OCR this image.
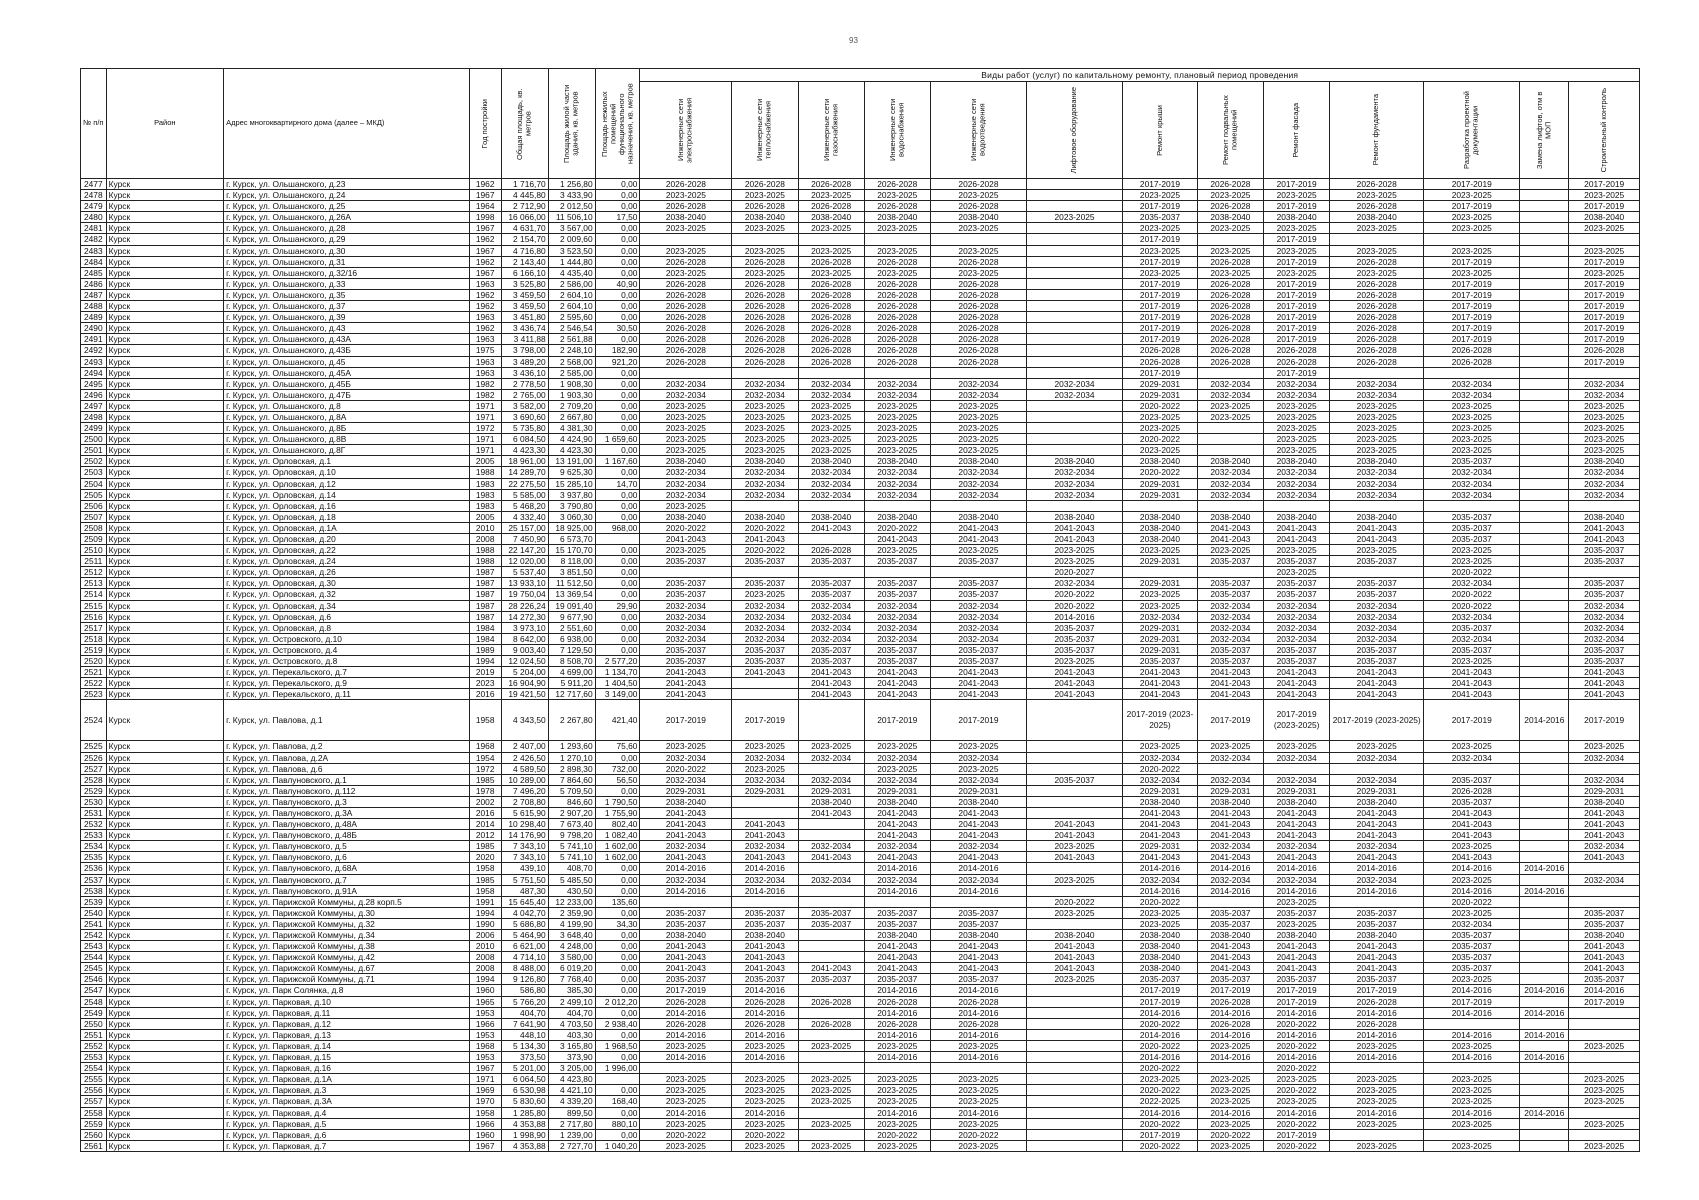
93
№ п/п	Район	Адрес многоквартирного дома (далее – МКД)	Год постройки	Общая площадь, кв. метров	Площадь жилой части здания, кв. метров	Площадь нежилых помещений функционального назначения, кв. метров	Виды работ (услуг) по капитальному ремонту, плановый период проведения												

							Инженерные сети электроснабжения	Инженерные сети теплоснабжения	Инженерные сети газоснабжения	Инженерные сети водоснабжения	Инженерные сети водоотведения	Лифтовое оборудование	Ремонт крыши	Ремонт подвальных помещений	Ремонт фасада	Ремонт фундамента	Разработка проектной документации	Замена лифтов, отм в МОП	Строительный контроль

2477	Курск	г. Курск, ул. Ольшанского, д.23	1962	1 716,70	1 256,80	0,00	2026-2028	2026-2028	2026-2028	2026-2028	2026-2028		2017-2019	2026-2028	2017-2019	2026-2028	2017-2019		2017-2019
2478	Курск	г. Курск, ул. Ольшанского, д.24	1967	4 445,80	3 433,90	0,00	2023-2025	2023-2025	2023-2025	2023-2025	2023-2025		2023-2025	2023-2025	2023-2025	2023-2025	2023-2025		2023-2025
2479	Курск	г. Курск, ул. Ольшанского, д.25	1964	2 712,90	2 012,50	0,00	2026-2028	2026-2028	2026-2028	2026-2028	2026-2028		2017-2019	2026-2028	2017-2019	2026-2028	2017-2019		2017-2019
2480	Курск	г. Курск, ул. Ольшанского, д.26А	1998	16 066,00	11 506,10	17,50	2038-2040	2038-2040	2038-2040	2038-2040	2038-2040	2023-2025	2035-2037	2038-2040	2038-2040	2038-2040	2023-2025		2038-2040
2481	Курск	г. Курск, ул. Ольшанского, д.28	1967	4 631,70	3 567,00	0,00	2023-2025	2023-2025	2023-2025	2023-2025	2023-2025		2023-2025	2023-2025	2023-2025	2023-2025	2023-2025		2023-2025
2482	Курск	г. Курск, ул. Ольшанского, д.29	1962	2 154,70	2 009,60	0,00							2017-2019		2017-2019				
2483	Курск	г. Курск, ул. Ольшанского, д.30	1967	4 716,80	3 523,50	0,00	2023-2025	2023-2025	2023-2025	2023-2025	2023-2025		2023-2025	2023-2025	2023-2025	2023-2025	2023-2025		2023-2025
2484	Курск	г. Курск, ул. Ольшанского, д.31	1962	2 143,40	1 444,80	0,00	2026-2028	2026-2028	2026-2028	2026-2028	2026-2028		2017-2019	2026-2028	2017-2019	2026-2028	2017-2019		2017-2019
2485	Курск	г. Курск, ул. Ольшанского, д.32/16	1967	6 166,10	4 435,40	0,00	2023-2025	2023-2025	2023-2025	2023-2025	2023-2025		2023-2025	2023-2025	2023-2025	2023-2025	2023-2025		2023-2025
2486	Курск	г. Курск, ул. Ольшанского, д.33	1963	3 525,80	2 586,00	40,90	2026-2028	2026-2028	2026-2028	2026-2028	2026-2028		2017-2019	2026-2028	2017-2019	2026-2028	2017-2019		2017-2019
2487	Курск	г. Курск, ул. Ольшанского, д.35	1962	3 459,50	2 604,10	0,00	2026-2028	2026-2028	2026-2028	2026-2028	2026-2028		2017-2019	2026-2028	2017-2019	2026-2028	2017-2019		2017-2019
2488	Курск	г. Курск, ул. Ольшанского, д.37	1962	3 459,50	2 604,10	0,00	2026-2028	2026-2028	2026-2028	2026-2028	2026-2028		2017-2019	2026-2028	2017-2019	2026-2028	2017-2019		2017-2019
2489	Курск	г. Курск, ул. Ольшанского, д.39	1963	3 451,80	2 595,60	0,00	2026-2028	2026-2028	2026-2028	2026-2028	2026-2028		2017-2019	2026-2028	2017-2019	2026-2028	2017-2019		2017-2019
2490	Курск	г. Курск, ул. Ольшанского, д.43	1962	3 436,74	2 546,54	30,50	2026-2028	2026-2028	2026-2028	2026-2028	2026-2028		2017-2019	2026-2028	2017-2019	2026-2028	2017-2019		2017-2019
2491	Курск	г. Курск, ул. Ольшанского, д.43А	1963	3 411,88	2 561,88	0,00	2026-2028	2026-2028	2026-2028	2026-2028	2026-2028		2017-2019	2026-2028	2017-2019	2026-2028	2017-2019		2017-2019
2492	Курск	г. Курск, ул. Ольшанского, д.43Б	1975	3 798,00	2 248,10	182,90	2026-2028	2026-2028	2026-2028	2026-2028	2026-2028		2026-2028	2026-2028	2026-2028	2026-2028	2026-2028		2026-2028
2493	Курск	г. Курск, ул. Ольшанского, д.45	1963	3 489,20	2 568,00	921,20	2026-2028	2026-2028	2026-2028	2026-2028	2026-2028		2026-2028	2026-2028	2026-2028	2026-2028	2026-2028		2017-2019
2494	Курск	г. Курск, ул. Ольшанского, д.45А	1963	3 436,10	2 585,00	0,00							2017-2019		2017-2019				
2495	Курск	г. Курск, ул. Ольшанского, д.45Б	1982	2 778,50	1 908,30	0,00	2032-2034	2032-2034	2032-2034	2032-2034	2032-2034	2032-2034	2029-2031	2032-2034	2032-2034	2032-2034	2032-2034		2032-2034
2496	Курск	г. Курск, ул. Ольшанского, д.47Б	1982	2 765,00	1 903,30	0,00	2032-2034	2032-2034	2032-2034	2032-2034	2032-2034	2032-2034	2029-2031	2032-2034	2032-2034	2032-2034	2032-2034		2032-2034
2497	Курск	г. Курск, ул. Ольшанского, д.8	1971	3 582,00	2 709,20	0,00	2023-2025	2023-2025	2023-2025	2023-2025	2023-2025		2020-2022	2023-2025	2023-2025	2023-2025	2023-2025		2023-2025
2498	Курск	г. Курск, ул. Ольшанского, д.8А	1971	3 690,60	2 667,80	0,00	2023-2025	2023-2025	2023-2025	2023-2025	2023-2025		2023-2025	2023-2025	2023-2025	2023-2025	2023-2025		2023-2025
2499	Курск	г. Курск, ул. Ольшанского, д.8Б	1972	5 735,80	4 381,30	0,00	2023-2025	2023-2025	2023-2025	2023-2025	2023-2025		2023-2025		2023-2025	2023-2025	2023-2025		2023-2025
2500	Курск	г. Курск, ул. Ольшанского, д.8В	1971	6 084,50	4 424,90	1 659,60	2023-2025	2023-2025	2023-2025	2023-2025	2023-2025		2020-2022		2023-2025	2023-2025	2023-2025		2023-2025
2501	Курск	г. Курск, ул. Ольшанского, д.8Г	1971	4 423,30	4 423,30	0,00	2023-2025	2023-2025	2023-2025	2023-2025	2023-2025		2023-2025		2023-2025	2023-2025	2023-2025		2023-2025
2502	Курск	г. Курск, ул. Орловская, д.1	2005	18 961,00	13 191,00	1 167,60	2038-2040	2038-2040	2038-2040	2038-2040	2038-2040	2038-2040	2038-2040	2038-2040	2038-2040	2038-2040	2035-2037		2038-2040
2503	Курск	г. Курск, ул. Орловская, д.10	1988	14 289,70	9 625,30	0,00	2032-2034	2032-2034	2032-2034	2032-2034	2032-2034	2032-2034	2020-2022	2032-2034	2032-2034	2032-2034	2032-2034		2032-2034
2504	Курск	г. Курск, ул. Орловская, д.12	1983	22 275,50	15 285,10	14,70	2032-2034	2032-2034	2032-2034	2032-2034	2032-2034	2032-2034	2029-2031	2032-2034	2032-2034	2032-2034	2032-2034		2032-2034
2505	Курск	г. Курск, ул. Орловская, д.14	1983	5 585,00	3 937,80	0,00	2032-2034	2032-2034	2032-2034	2032-2034	2032-2034	2032-2034	2029-2031	2032-2034	2032-2034	2032-2034	2032-2034		2032-2034
2506	Курск	г. Курск, ул. Орловская, д.16	1983	5 468,20	3 790,80	0,00	2023-2025												
2507	Курск	г. Курск, ул. Орловская, д.18	2005	4 332,40	3 060,30	0,00	2038-2040	2038-2040	2038-2040	2038-2040	2038-2040	2038-2040	2038-2040	2038-2040	2038-2040	2038-2040	2035-2037		2038-2040
2508	Курск	г. Курск, ул. Орловская, д.1А	2010	25 157,00	18 925,00	968,00	2020-2022	2020-2022	2041-2043	2020-2022	2041-2043	2041-2043	2038-2040	2041-2043	2041-2043	2041-2043	2035-2037		2041-2043
2509	Курск	г. Курск, ул. Орловская, д.20	2008	7 450,90	6 573,70		2041-2043	2041-2043		2041-2043	2041-2043	2041-2043	2038-2040	2041-2043	2041-2043	2041-2043	2035-2037		2041-2043
2510	Курск	г. Курск, ул. Орловская, д.22	1988	22 147,20	15 170,70	0,00	2023-2025	2020-2022	2026-2028	2023-2025	2023-2025	2023-2025	2023-2025	2023-2025	2023-2025	2023-2025	2023-2025		2035-2037
2511	Курск	г. Курск, ул. Орловская, д.24	1988	12 020,00	8 118,00	0,00	2035-2037	2035-2037	2035-2037	2035-2037	2035-2037	2023-2025	2029-2031	2035-2037	2035-2037	2035-2037	2023-2025		2035-2037
2512	Курск	г. Курск, ул. Орловская, д.26	1987	5 537,40	3 851,50	0,00						2020-2027			2023-2025		2020-2022		
2513	Курск	г. Курск, ул. Орловская, д.30	1987	13 933,10	11 512,50	0,00	2035-2037	2035-2037	2035-2037	2035-2037	2035-2037	2032-2034	2029-2031	2035-2037	2035-2037	2035-2037	2032-2034		2035-2037
2514	Курск	г. Курск, ул. Орловская, д.32	1987	19 750,04	13 369,54	0,00	2035-2037	2023-2025	2035-2037	2035-2037	2035-2037	2020-2022	2023-2025	2035-2037	2035-2037	2035-2037	2020-2022		2035-2037
2515	Курск	г. Курск, ул. Орловская, д.34	1987	28 226,24	19 091,40	29,90	2032-2034	2032-2034	2032-2034	2032-2034	2032-2034	2020-2022	2023-2025	2032-2034	2032-2034	2032-2034	2020-2022		2032-2034
2516	Курск	г. Курск, ул. Орловская, д.6	1987	14 272,30	9 677,90	0,00	2032-2034	2032-2034	2032-2034	2032-2034	2032-2034	2014-2016	2032-2034	2032-2034	2032-2034	2032-2034	2032-2034		2032-2034
2517	Курск	г. Курск, ул. Орловская, д.8	1984	3 973,10	2 551,60	0,00	2032-2034	2032-2034	2032-2034	2032-2034	2032-2034	2035-2037	2029-2031	2032-2034	2032-2034	2032-2034	2035-2037		2032-2034
2518	Курск	г. Курск, ул. Островского, д.10	1984	8 642,00	6 938,00	0,00	2032-2034	2032-2034	2032-2034	2032-2034	2032-2034	2035-2037	2029-2031	2032-2034	2032-2034	2032-2034	2032-2034		2032-2034
2519	Курск	г. Курск, ул. Островского, д.4	1989	9 003,40	7 129,50	0,00	2035-2037	2035-2037	2035-2037	2035-2037	2035-2037	2035-2037	2029-2031	2035-2037	2035-2037	2035-2037	2035-2037		2035-2037
2520	Курск	г. Курск, ул. Островского, д.8	1994	12 024,50	8 508,70	2 577,20	2035-2037	2035-2037	2035-2037	2035-2037	2035-2037	2023-2025	2035-2037	2035-2037	2035-2037	2035-2037	2023-2025		2035-2037
2521	Курск	г. Курск, ул. Перекальского, д.7	2019	5 204,00	4 699,00	1 134,70	2041-2043	2041-2043	2041-2043	2041-2043	2041-2043	2041-2043	2041-2043	2041-2043	2041-2043	2041-2043	2041-2043		2041-2043
2522	Курск	г. Курск, ул. Перекальского, д.9	2023	16 904,90	5 911,20	1 404,50	2041-2043		2041-2043	2041-2043	2041-2043	2041-2043	2041-2043	2041-2043	2041-2043	2041-2043	2041-2043		2041-2043
2523	Курск	г. Курск, ул. Перекальского, д.11	2016	19 421,50	12 717,60	3 149,00	2041-2043		2041-2043	2041-2043	2041-2043	2041-2043	2041-2043	2041-2043	2041-2043	2041-2043	2041-2043		2041-2043
2524	Курск	г. Курск, ул. Павлова, д.1	1958	4 343,50	2 267,80	421,40	2017-2019	2017-2019		2017-2019	2017-2019		2017-2019 (2023-2025)	2017-2019	2017-2019 (2023-2025)	2017-2019 (2023-2025)	2017-2019	2014-2016	2017-2019
2525	Курск	г. Курск, ул. Павлова, д.2	1968	2 407,00	1 293,60	75,60	2023-2025	2023-2025	2023-2025	2023-2025	2023-2025		2023-2025	2023-2025	2023-2025	2023-2025	2023-2025		2023-2025
2526	Курск	г. Курск, ул. Павлова, д.2А	1954	2 426,50	1 270,10	0,00	2032-2034	2032-2034	2032-2034	2032-2034	2032-2034		2032-2034	2032-2034	2032-2034	2032-2034	2032-2034		2032-2034
2527	Курск	г. Курск, ул. Павлова, д.6	1972	4 589,50	2 898,30	732,00	2020-2022	2023-2025		2023-2025	2023-2025		2020-2022						
2528	Курск	г. Курск, ул. Павлуновского, д.1	1985	10 289,00	7 864,60	56,50	2032-2034	2032-2034	2032-2034	2032-2034	2032-2034	2035-2037	2032-2034	2032-2034	2032-2034	2032-2034	2035-2037		2032-2034
2529	Курск	г. Курск, ул. Павлуновского, д.112	1978	7 496,20	5 709,50	0,00	2029-2031	2029-2031	2029-2031	2029-2031	2029-2031		2029-2031	2029-2031	2029-2031	2029-2031	2026-2028		2029-2031
2530	Курск	г. Курск, ул. Павлуновского, д.3	2002	2 708,80	846,60	1 790,50	2038-2040		2038-2040	2038-2040	2038-2040		2038-2040	2038-2040	2038-2040	2038-2040	2035-2037		2038-2040
2531	Курск	г. Курск, ул. Павлуновского, д.3А	2016	5 615,90	2 907,20	1 755,90	2041-2043		2041-2043	2041-2043	2041-2043		2041-2043	2041-2043	2041-2043	2041-2043	2041-2043		2041-2043
2532	Курск	г. Курск, ул. Павлуновского, д.48А	2014	10 298,40	7 673,40	802,40	2041-2043	2041-2043		2041-2043	2041-2043	2041-2043	2041-2043	2041-2043	2041-2043	2041-2043	2041-2043		2041-2043
2533	Курск	г. Курск, ул. Павлуновского, д.48Б	2012	14 176,90	9 798,20	1 082,40	2041-2043	2041-2043		2041-2043	2041-2043	2041-2043	2041-2043	2041-2043	2041-2043	2041-2043	2041-2043		2041-2043
2534	Курск	г. Курск, ул. Павлуновского, д.5	1985	7 343,10	5 741,10	1 602,00	2032-2034	2032-2034	2032-2034	2032-2034	2032-2034	2023-2025	2029-2031	2032-2034	2032-2034	2032-2034	2023-2025		2032-2034
2535	Курск	г. Курск, ул. Павлуновского, д.6	2020	7 343,10	5 741,10	1 602,00	2041-2043	2041-2043	2041-2043	2041-2043	2041-2043	2041-2043	2041-2043	2041-2043	2041-2043	2041-2043	2041-2043		2041-2043
2536	Курск	г. Курск, ул. Павлуновского, д.68А	1958	439,10	408,70	0,00	2014-2016	2014-2016		2014-2016	2014-2016		2014-2016	2014-2016	2014-2016	2014-2016	2014-2016	2014-2016	
2537	Курск	г. Курск, ул. Павлуновского, д.7	1985	5 751,50	5 485,50	0,00	2032-2034	2032-2034	2032-2034	2032-2034	2032-2034	2023-2025	2032-2034	2032-2034	2032-2034	2032-2034	2023-2025		2032-2034
2538	Курск	г. Курск, ул. Павлуновского, д.91А	1958	487,30	430,50	0,00	2014-2016	2014-2016		2014-2016	2014-2016		2014-2016	2014-2016	2014-2016	2014-2016	2014-2016	2014-2016	
2539	Курск	г. Курск, ул. Парижской Коммуны, д.28 корп.5	1991	15 645,40	12 233,00	135,60						2020-2022	2020-2022		2023-2025		2020-2022		
2540	Курск	г. Курск, ул. Парижской Коммуны, д.30	1994	4 042,70	2 359,90	0,00	2035-2037	2035-2037	2035-2037	2035-2037	2035-2037	2023-2025	2023-2025	2035-2037	2035-2037	2035-2037	2023-2025		2035-2037
2541	Курск	г. Курск, ул. Парижской Коммуны, д.32	1990	5 686,80	4 199,90	34,30	2035-2037	2035-2037	2035-2037	2035-2037	2035-2037		2023-2025	2035-2037	2023-2025	2035-2037	2032-2034		2035-2037
2542	Курск	г. Курск, ул. Парижской Коммуны, д.34	2006	5 464,90	3 648,40	0,00	2038-2040	2038-2040		2038-2040	2038-2040	2038-2040	2038-2040	2038-2040	2038-2040	2038-2040	2035-2037		2038-2040
2543	Курск	г. Курск, ул. Парижской Коммуны, д.38	2010	6 621,00	4 248,00	0,00	2041-2043	2041-2043		2041-2043	2041-2043	2041-2043	2038-2040	2041-2043	2041-2043	2041-2043	2035-2037		2041-2043
2544	Курск	г. Курск, ул. Парижской Коммуны, д.42	2008	4 714,10	3 580,00	0,00	2041-2043	2041-2043		2041-2043	2041-2043	2041-2043	2038-2040	2041-2043	2041-2043	2041-2043	2035-2037		2041-2043
2545	Курск	г. Курск, ул. Парижской Коммуны, д.67	2008	8 488,00	6 019,20	0,00	2041-2043	2041-2043	2041-2043	2041-2043	2041-2043	2041-2043	2038-2040	2041-2043	2041-2043	2041-2043	2035-2037		2041-2043
2546	Курск	г. Курск, ул. Парижской Коммуны, д.71	1994	9 126,80	7 768,40	0,00	2035-2037	2035-2037	2035-2037	2035-2037	2035-2037	2023-2025	2035-2037	2035-2037	2035-2037	2035-2037	2023-2025		2035-2037
2547	Курск	г. Курск, ул. Парк Солянка, д.8	1960	586,80	385,30	0,00	2017-2019	2014-2016		2014-2016	2014-2016		2017-2019	2017-2019	2017-2019	2017-2019	2014-2016	2014-2016	2014-2016
2548	Курск	г. Курск, ул. Парковая, д.10	1965	5 766,20	2 499,10	2 012,20	2026-2028	2026-2028	2026-2028	2026-2028	2026-2028		2017-2019	2026-2028	2017-2019	2026-2028	2017-2019		2017-2019
2549	Курск	г. Курск, ул. Парковая, д.11	1953	404,70	404,70	0,00	2014-2016	2014-2016		2014-2016	2014-2016		2014-2016	2014-2016	2014-2016	2014-2016	2014-2016	2014-2016	
2550	Курск	г. Курск, ул. Парковая, д.12	1966	7 641,90	4 703,50	2 938,40	2026-2028	2026-2028	2026-2028	2026-2028	2026-2028		2020-2022	2026-2028	2020-2022	2026-2028			
2551	Курск	г. Курск, ул. Парковая, д.13	1953	448,10	403,30	0,00	2014-2016	2014-2016		2014-2016	2014-2016		2014-2016	2014-2016	2014-2016	2014-2016	2014-2016	2014-2016	
2552	Курск	г. Курск, ул. Парковая, д.14	1968	5 134,30	3 165,80	1 968,50	2023-2025	2023-2025	2023-2025	2023-2025	2023-2025		2020-2022	2023-2025	2020-2022	2023-2025	2023-2025		2023-2025
2553	Курск	г. Курск, ул. Парковая, д.15	1953	373,50	373,90	0,00	2014-2016	2014-2016		2014-2016	2014-2016		2014-2016	2014-2016	2014-2016	2014-2016	2014-2016	2014-2016	
2554	Курск	г. Курск, ул. Парковая, д.16	1967	5 201,00	3 205,00	1 996,00							2020-2022		2020-2022				
2555	Курск	г. Курск, ул. Парковая, д.1А	1971	6 064,50	4 423,80		2023-2025	2023-2025	2023-2025	2023-2025	2023-2025		2023-2025	2023-2025	2023-2025	2023-2025	2023-2025		2023-2025
2556	Курск	г. Курск, ул. Парковая, д.3	1969	6 530,98	4 421,10	0,00	2023-2025	2023-2025	2023-2025	2023-2025	2023-2025		2020-2022	2023-2025	2020-2022	2023-2025	2023-2025		2023-2025
2557	Курск	г. Курск, ул. Парковая, д.3А	1970	5 830,60	4 339,20	168,40	2023-2025	2023-2025	2023-2025	2023-2025	2023-2025		2022-2025	2023-2025	2023-2025	2023-2025	2023-2025		2023-2025
2558	Курск	г. Курск, ул. Парковая, д.4	1958	1 285,80	899,50	0,00	2014-2016	2014-2016		2014-2016	2014-2016		2014-2016	2014-2016	2014-2016	2014-2016	2014-2016	2014-2016	
2559	Курск	г. Курск, ул. Парковая, д.5	1966	4 353,88	2 717,80	880,10	2023-2025	2023-2025	2023-2025	2023-2025	2023-2025		2020-2022	2023-2025	2020-2022	2023-2025	2023-2025		2023-2025
2560	Курск	г. Курск, ул. Парковая, д.6	1960	1 998,90	1 239,00	0,00	2020-2022	2020-2022		2020-2022	2020-2022		2017-2019	2020-2022	2017-2019				
2561	Курск	г. Курск, ул. Парковая, д.7	1967	4 353,88	2 727,70	1 040,20	2023-2025	2023-2025	2023-2025	2023-2025	2023-2025		2020-2022	2023-2025	2020-2022	2023-2025	2023-2025		2023-2025
